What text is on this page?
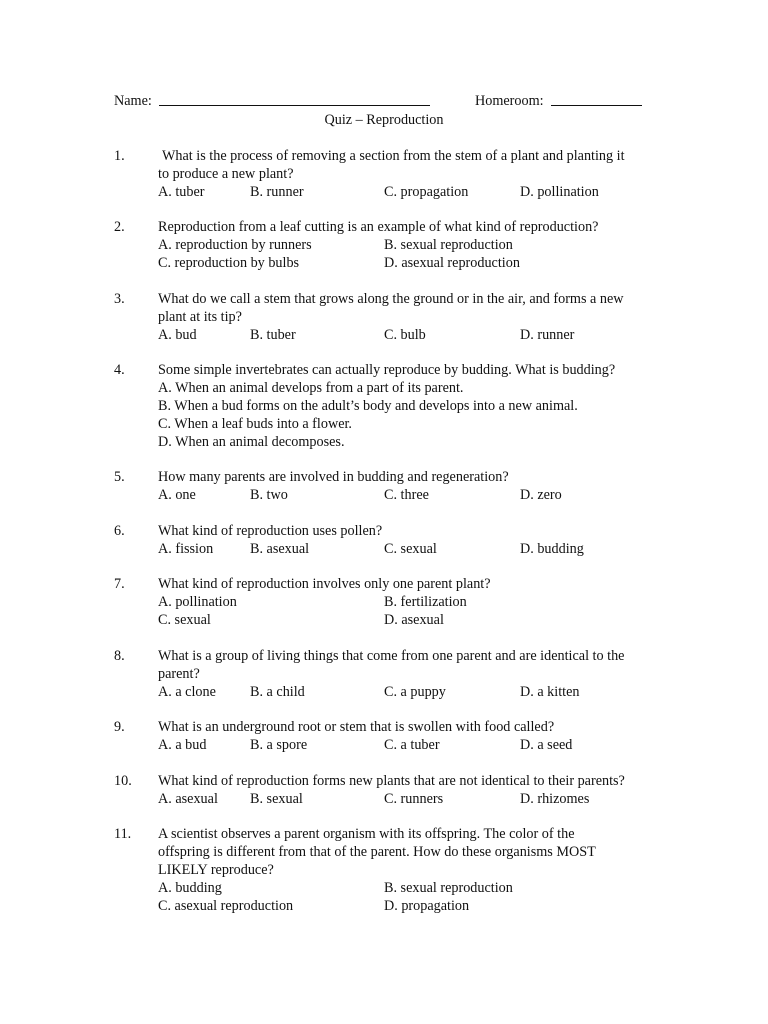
Name:	Homeroom:
Quiz – Reproduction
1.	What is the process of removing a section from the stem of a plant and planting it
to produce a new plant?
A. tuber	B. runner	C. propagation	D. pollination
2. Reproduction from a leaf cutting is an example of what kind of reproduction?
A. reproduction by runners	B. sexual reproduction
C. reproduction by bulbs	D. asexual reproduction
3. What do we call a stem that grows along the ground or in the air, and forms a new
plant at its tip?
A. bud	B. tuber	C. bulb	D. runner
4. Some simple invertebrates can actually reproduce by budding. What is budding?
A. When an animal develops from a part of its parent.
B. When a bud forms on the adult’s body and develops into a new animal.
C. When a leaf buds into a flower.
D. When an animal decomposes.
5. How many parents are involved in budding and regeneration?
A. one	B. two	C. three	D. zero
6. What kind of reproduction uses pollen?
A. fission	B. asexual	C. sexual	D. budding
7. What kind of reproduction involves only one parent plant?
A. pollination	B. fertilization
C. sexual	D. asexual
8. What is a group of living things that come from one parent and are identical to the
parent?
A. a clone B. a child	C. a puppy	D. a kitten
9. What is an underground root or stem that is swollen with food called?
A. a bud	B. a spore	C. a tuber	D. a seed
10. What kind of reproduction forms new plants that are not identical to their parents?
A. asexual B. sexual	C. runners	D. rhizomes
11. A scientist observes a parent organism with its offspring. The color of the
offspring is different from that of the parent. How do these organisms MOST
LIKELY reproduce?
A. budding	B. sexual reproduction
C. asexual reproduction	D. propagation
